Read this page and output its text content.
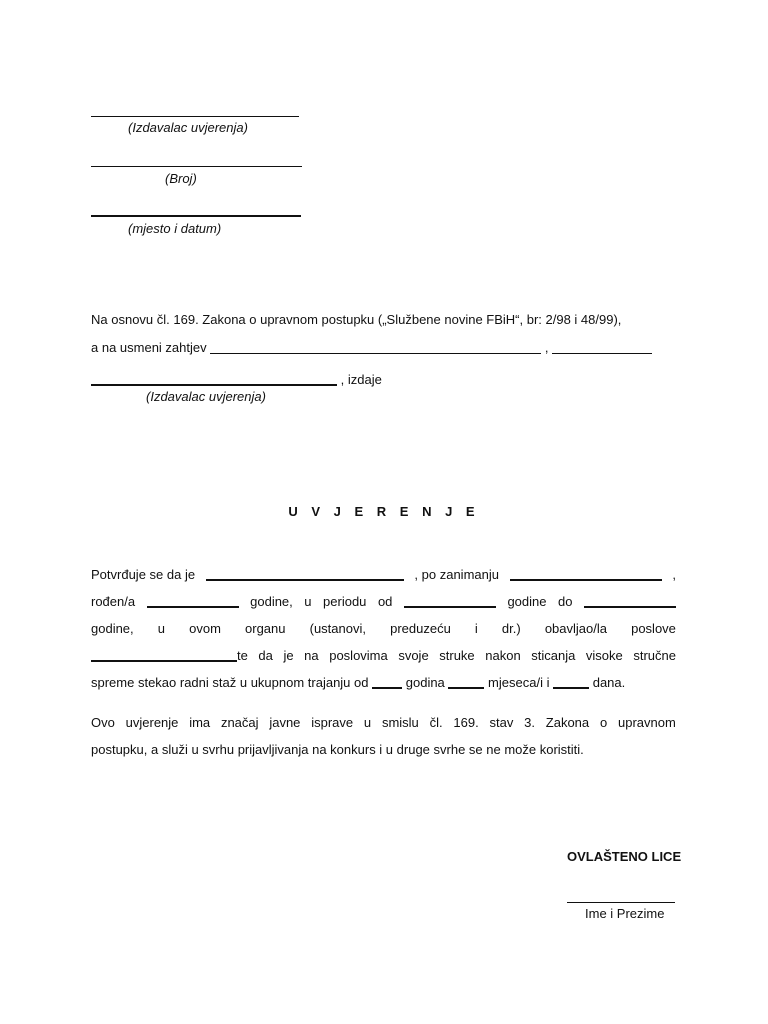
(Izdavalac uvjerenja)
(Broj)
(mjesto i datum)
Na osnovu čl. 169. Zakona o upravnom postupku („Službene novine FBiH“, br: 2/98 i 48/99),
a na usmeni zahtjev	,
, izdaje
(Izdavalac uvjerenja)
U V J E R E N J E
Potvrđuje se da je	, po zanimanju	,
rođen/a	godine, u periodu od	godine do
godine, u ovom organu (ustanovi, preduzeću i dr.) obavljao/la poslove
te da je na poslovima svoje struke nakon sticanja visoke stručne
spreme stekao radni staž u ukupnom trajanju od	godina	mjeseca/i i	dana.
Ovo uvjerenje ima značaj javne isprave u smislu čl. 169. stav 3. Zakona o upravnom
postupku, a služi u svrhu prijavljivanja na konkurs i u druge svrhe se ne može koristiti.
OVLAŠTENO LICE
Ime i Prezime
